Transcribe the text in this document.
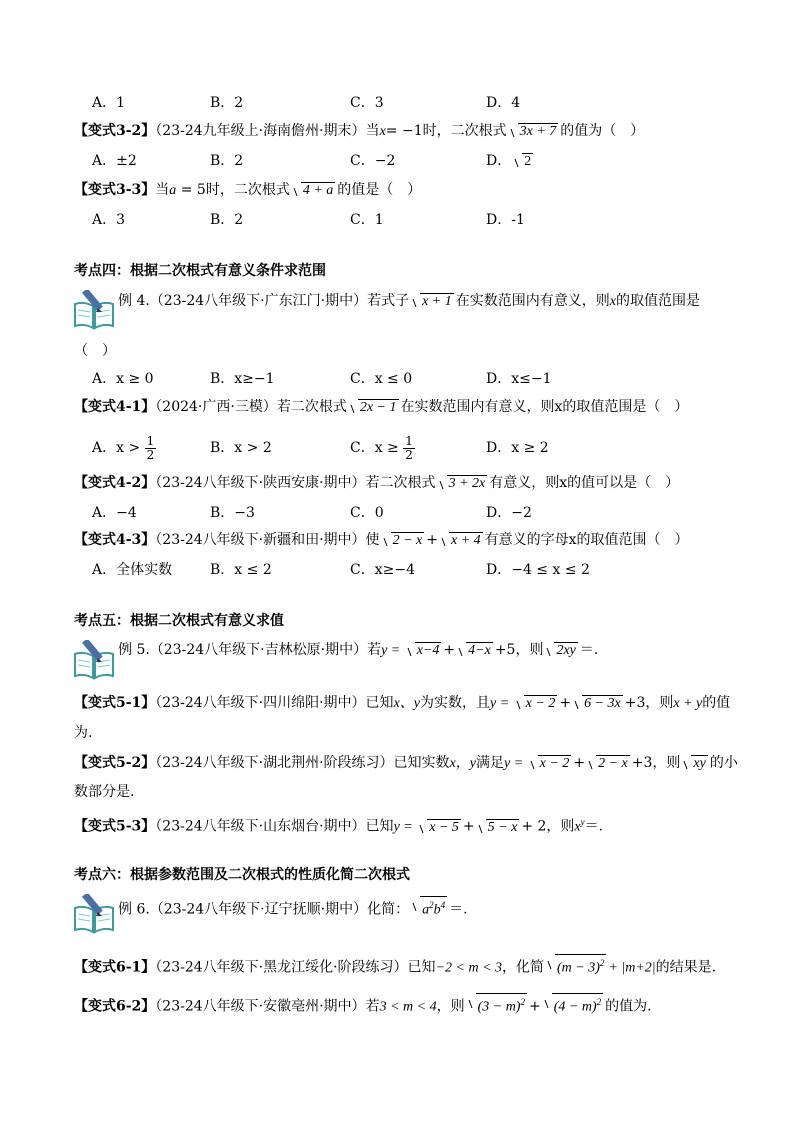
A．1	B．2	C．3	D．4
【变式3-2】（23-24九年级上·海南儋州·期末）当x= −1时，二次根式 3x + 7 的值为（　）
A．±2	B．2	C．−2	D． 2
【变式3-3】当a = 5时，二次根式 4 + a 的值是（　）
A．3	B．2	C．1	D．-1
考点四：根据二次根式有意义条件求范围
例 4.（23-24八年级下·广东江门·期中）若式子 x + 1 在实数范围内有意义，则x的取值范围是
（　）
A．x ≥ 0	B．x≥−1	C．x ≤ 0	D．x≤−1
【变式4-1】（2024·广西·三模）若二次根式 2x − 1 在实数范围内有意义，则x的取值范围是（　）
A．$x > \frac{1}{2}$	B．x > 2	C．$x \ge \frac{1}{2}$	D．x ≥ 2
【变式4-2】（23-24八年级下·陕西安康·期中）若二次根式 3 + 2x 有意义，则x的值可以是（　）
A．−4	B．−3	C．0	D．−2
【变式4-3】（23-24八年级下·新疆和田·期中）使 2 − x + x + 4 有意义的字母x的取值范围（　）
A．全体实数	B．x ≤ 2	C．x≥−4	D．−4 ≤ x ≤ 2
考点五：根据二次根式有意义求值
例 5.（23-24八年级下·吉林松原·期中）若y = x−4 + 4−x +5，则 2xy ＝.
【变式5-1】（23-24八年级下·四川绵阳·期中）已知x、y为实数，且y = x − 2 + 6 − 3x +3，则x + y的值
为.
【变式5-2】（23-24八年级下·湖北荆州·阶段练习）已知实数x，y满足y = x − 2 + 2 − x +3，则 xy 的小
数部分是.
【变式5-3】（23-24八年级下·山东烟台·期中）已知y = x − 5 + 5 − x + 2，则$x^y=$.
考点六：根据参数范围及二次根式的性质化简二次根式
例 6.（23-24八年级下·辽宁抚顺·期中）化简： $a^2b^4$ ＝.
【变式6-1】（23-24八年级下·黑龙江绥化·阶段练习）已知−2 < m < 3，化简 $(m - 3)^2 + |m+2|$的结果是.
【变式6-2】（23-24八年级下·安徽亳州·期中）若3 < m < 4，则 $(3 - m)^2 + (4 - m)^2$ 的值为.
